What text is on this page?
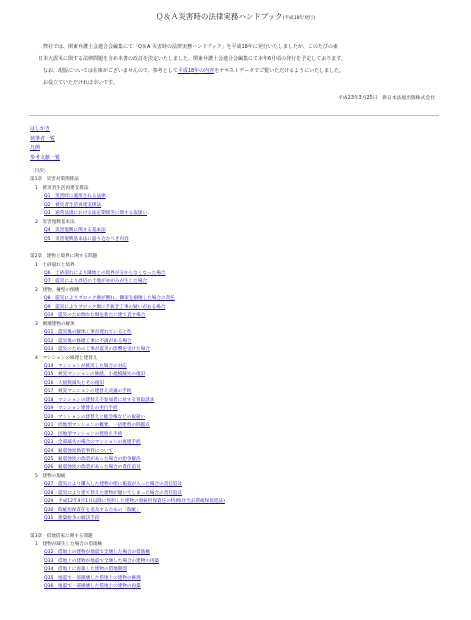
Ｑ＆Ａ災害時の法律実務ハンドブック(平成18年発行)

弊社では、関東弁護士会連合会編集にて「Q＆A 災害時の法律実務ハンドブック」を平成18年に発行いたしましたが、このたびの東

日本大震災に関する法律問題を含め本書の改訂を決定いたしました。関東弁護士会連合会編集にて本年6月頃の発行を予定しております。

なお、現版については在庫がございませんので、参考として平成18年の内容をテキストデータでご覧いただけるようにいたしました。

お役立ていただければ幸いです。

平成23年3月25日　新日本法規出版株式会社
はしがき
執筆者一覧
凡例
参考文献一覧
〔目次〕
第1章　災害対策関係法
1　被災者生活再建支援法
Q1　災害時に適用される法律
Q2　被災者生活再建支援法
Q3　通常法規における法定期間等に関する取扱い
2　災害復興基本法
Q4　災害復興に関する基本法
Q5　災害復興基本法に盛り込むべき内容
第2章　建物と境界に関する問題
1　土砂崩れと境界
Q6　土砂崩れにより隣地との境界が分からなくなった場合
Q7　震災により周辺の土地がゆがみが生じた場合
2　建物、擁壁の倒壊
Q8　震災によりブロック塀が倒れ、隣家を損壊した場合の責任
Q9　震災によりブロック塀に手抜き工事の疑いがある場合
Q10　震災のため倒れた塀を新たに建て直す場合
3　倒壊建物の解体
Q11　震災後の解体工事が遅れていると些
Q12　震災後の修繕工事に不満がある場合
Q13　震災のための工事が震災の影響を受けた場合
4　マンションの修理と建替え
Q14　マンションが被災した場合の対応
Q15　被災マンションの修繕、小規模滅失の復旧
Q16　大規模滅失とその復旧
Q17　被災マンションの建替え決議の手続
Q18　マンションの建替え不参加者に対する買取請求
Q19　マンション建替えの実行手続
Q20　マンションの建替えと総会権などの取扱い
Q21　団地型マンションの概要、一括建替の問題点
Q22　団地型マンションの建替え手続
Q23　全部滅失の場合のマンションの再建手続
Q24　耐震強度偽装事件について
Q25　耐震強度の偽装があった場合の紛争解決
Q26　耐震強度の偽装があった場合の責任追及
5　建物の瑕疵
Q27　震災により購入した建物の壁に亀裂が入った場合の責任追及
Q28　震災により建て替えた建物が傾いてしまった場合の責任追及
Q29　平成12年4月1日以降に契約した建物の瑕疵担保責任の特例(住宅品質確保促進法)
Q30　瑕疵担保責任を追及するための「瑕疵」
Q31　建築紛争の解決手段
第3章　借地借家に関する問題
1　建物が滅失した場合の借地権
Q32　借地上の建物が地震で全壊した場合の借地権
Q33　借地上の建物が地震で全壊した場合の建物の再築
Q34　借地上に再築した建物の借地期間
Q35　地震で一部損壊した借地上の建物の修理
Q36　地震で一部損壊した借地上の建物の再築
